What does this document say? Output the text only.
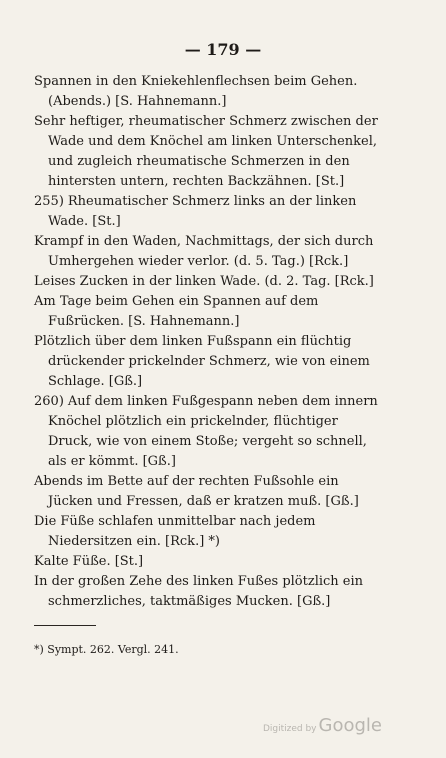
— 179 —

Spannen in den Kniekehlenflechsen beim Gehen. (Abends.) [S. Hahnemann.]

Sehr heftiger, rheumatischer Schmerz zwischen der Wade und dem Knöchel am linken Unterschenkel, und zugleich rheumatische Schmerzen in den hintersten untern, rechten Backzähnen. [St.]

255) Rheumatischer Schmerz links an der linken Wade. [St.]

Krampf in den Waden, Nachmittags, der sich durch Umhergehen wieder verlor. (d. 5. Tag.) [Rck.]

Leises Zucken in der linken Wade. (d. 2. Tag. [Rck.]

Am Tage beim Gehen ein Spannen auf dem Fußrücken. [S. Hahnemann.]

Plötzlich über dem linken Fußspann ein flüchtig drückender prickelnder Schmerz, wie von einem Schlage. [Gß.]

260) Auf dem linken Fußgespann neben dem innern Knöchel plötzlich ein prickelnder, flüchtiger Druck, wie von einem Stoße; vergeht so schnell, als er kömmt. [Gß.]

Abends im Bette auf der rechten Fußsohle ein Jücken und Fressen, daß er kratzen muß. [Gß.]

Die Füße schlafen unmittelbar nach jedem Niedersitzen ein. [Rck.] *)

Kalte Füße. [St.]

In der großen Zehe des linken Fußes plötzlich ein schmerzliches, taktmäßiges Mucken. [Gß.]

*) Sympt. 262. Vergl. 241.
Digitized by Google
